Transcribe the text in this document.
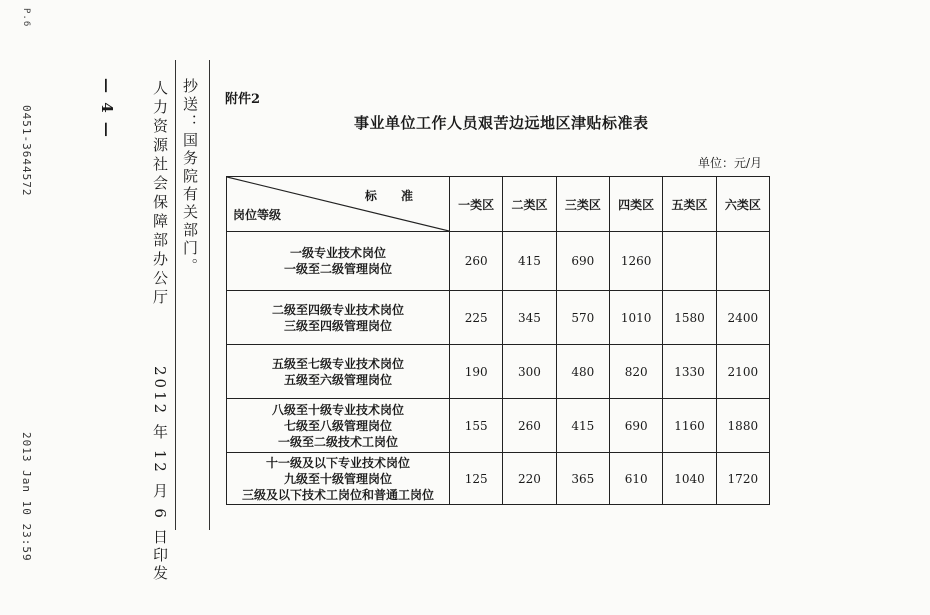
P.6
0451-3644572
2013 Jan 10 23:59
— 4 — 人力资源社会保障部办公厅
2012 年 12 月 6 日印发
抄送：国务院有关部门。 附件2
事业单位工作人员艰苦边远地区津贴标准表
单位：元/月
标 准
岗位等级	一类区	二类区	三类区	四类区	五类区	六类区

一级专业技术岗位
一级至二级管理岗位	260	415	690	1260		

二级至四级专业技术岗位
三级至四级管理岗位	225	345	570	1010	1580	2400

五级至七级专业技术岗位
五级至六级管理岗位	190	300	480	820	1330	2100

八级至十级专业技术岗位
七级至八级管理岗位
一级至二级技术工岗位	155	260	415	690	1160	1880

十一级及以下专业技术岗位
九级至十级管理岗位
三级及以下技术工岗位和普通工岗位	125	220	365	610	1040	1720
